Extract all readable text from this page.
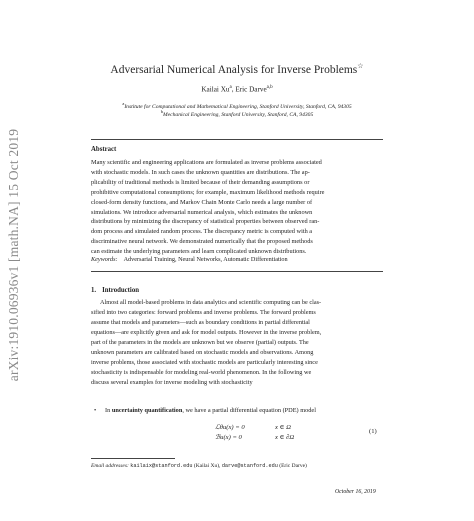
arXiv:1910.06936v1 [math.NA] 15 Oct 2019
Adversarial Numerical Analysis for Inverse Problems☆
Kailai Xu$^a$, Eric Darve$^{a,b}$
$^a$Institute for Computational and Mathematical Engineering, Stanford University, Stanford, CA, 94305
$^b$Mechanical Engineering, Stanford University, Stanford, CA, 94305
Abstract
Many scientific and engineering applications are formulated as inverse problems associated
with stochastic models. In such cases the unknown quantities are distributions. The ap-
plicability of traditional methods is limited because of their demanding assumptions or
prohibitive computational consumptions; for example, maximum likelihood methods require
closed-form density functions, and Markov Chain Monte Carlo needs a large number of
simulations. We introduce adversarial numerical analysis, which estimates the unknown
distributions by minimizing the discrepancy of statistical properties between observed ran-
dom process and simulated random process. The discrepancy metric is computed with a
discriminative neural network. We demonstrated numerically that the proposed methods
can estimate the underlying parameters and learn complicated unknown distributions.
Keywords: Adversarial Training, Neural Networks, Automatic Differentiation
1. Introduction
Almost all model-based problems in data analytics and scientific computing can be clas-
sified into two categories: forward problems and inverse problems. The forward problems
assume that models and parameters—such as boundary conditions in partial differential
equations—are explicitly given and ask for model outputs. However in the inverse problem,
part of the parameters in the models are unknown but we observe (partial) outputs. The
unknown parameters are calibrated based on stochastic models and observations. Among
inverse problems, those associated with stochastic models are particularly interesting since
stochasticity is indispensable for modeling real-world phenomenon. In the following we
discuss several examples for inverse modeling with stochasticity
• In uncertainty quantification, we have a partial differential equation (PDE) model
ℒθu(x) = 0	x ∈ Ω
ℬu(x) = 0	x ∈ ∂Ω
(1)
Email addresses: kailaix@stanford.edu (Kailai Xu), darve@stanford.edu (Eric Darve)
October 16, 2019
